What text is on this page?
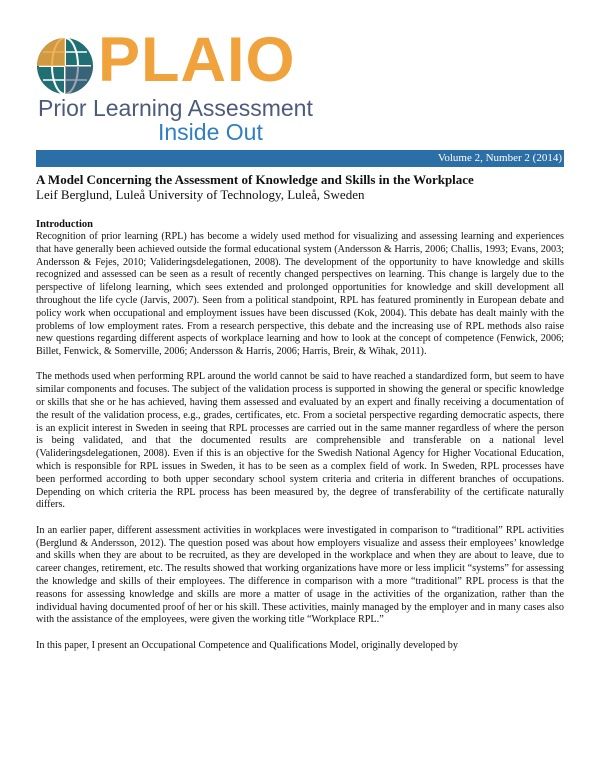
PLAIO
Prior Learning Assessment
Inside Out
Volume 2, Number 2 (2014)
A Model Concerning the Assessment of Knowledge and Skills in the Workplace
Leif Berglund, Luleå University of Technology, Luleå, Sweden
Introduction

Recognition of prior learning (RPL) has become a widely used method for visualizing and assessing learning and experiences that have generally been achieved outside the formal educational system (Andersson & Harris, 2006; Challis, 1993; Evans, 2003; Andersson & Fejes, 2010; Valideringsdelegationen, 2008). The development of the opportunity to have knowledge and skills recognized and assessed can be seen as a result of recently changed perspectives on learning. This change is largely due to the perspective of lifelong learning, which sees extended and prolonged opportunities for knowledge and skill development all throughout the life cycle (Jarvis, 2007). Seen from a political standpoint, RPL has featured prominently in European debate and policy work when occupational and employment issues have been discussed (Kok, 2004). This debate has dealt mainly with the problems of low employment rates. From a research perspective, this debate and the increasing use of RPL methods also raise new questions regarding different aspects of workplace learning and how to look at the concept of competence (Fenwick, 2006; Billet, Fenwick, & Somerville, 2006; Andersson & Harris, 2006; Harris, Breir, & Wihak, 2011).

The methods used when performing RPL around the world cannot be said to have reached a standardized form, but seem to have similar components and focuses. The subject of the validation process is supported in showing the general or specific knowledge or skills that she or he has achieved, having them assessed and evaluated by an expert and finally receiving a documentation of the result of the validation process, e.g., grades, certificates, etc. From a societal perspective regarding democratic aspects, there is an explicit interest in Sweden in seeing that RPL processes are carried out in the same manner regardless of where the person is being validated, and that the documented results are comprehensible and transferable on a national level (Valideringsdelegationen, 2008). Even if this is an objective for the Swedish National Agency for Higher Vocational Education, which is responsible for RPL issues in Sweden, it has to be seen as a complex field of work. In Sweden, RPL processes have been performed according to both upper secondary school system criteria and criteria in different branches of occupations. Depending on which criteria the RPL process has been measured by, the degree of transferability of the certificate naturally differs.

In an earlier paper, different assessment activities in workplaces were investigated in comparison to “traditional” RPL activities (Berglund & Andersson, 2012). The question posed was about how employers visualize and assess their employees’ knowledge and skills when they are about to be recruited, as they are developed in the workplace and when they are about to leave, due to career changes, retirement, etc. The results showed that working organizations have more or less implicit “systems” for assessing the knowledge and skills of their employees. The difference in comparison with a more “traditional” RPL process is that the reasons for assessing knowledge and skills are more a matter of usage in the activities of the organization, rather than the individual having documented proof of her or his skill. These activities, mainly managed by the employer and in many cases also with the assistance of the employees, were given the working title “Workplace RPL.”

In this paper, I present an Occupational Competence and Qualifications Model, originally developed by
